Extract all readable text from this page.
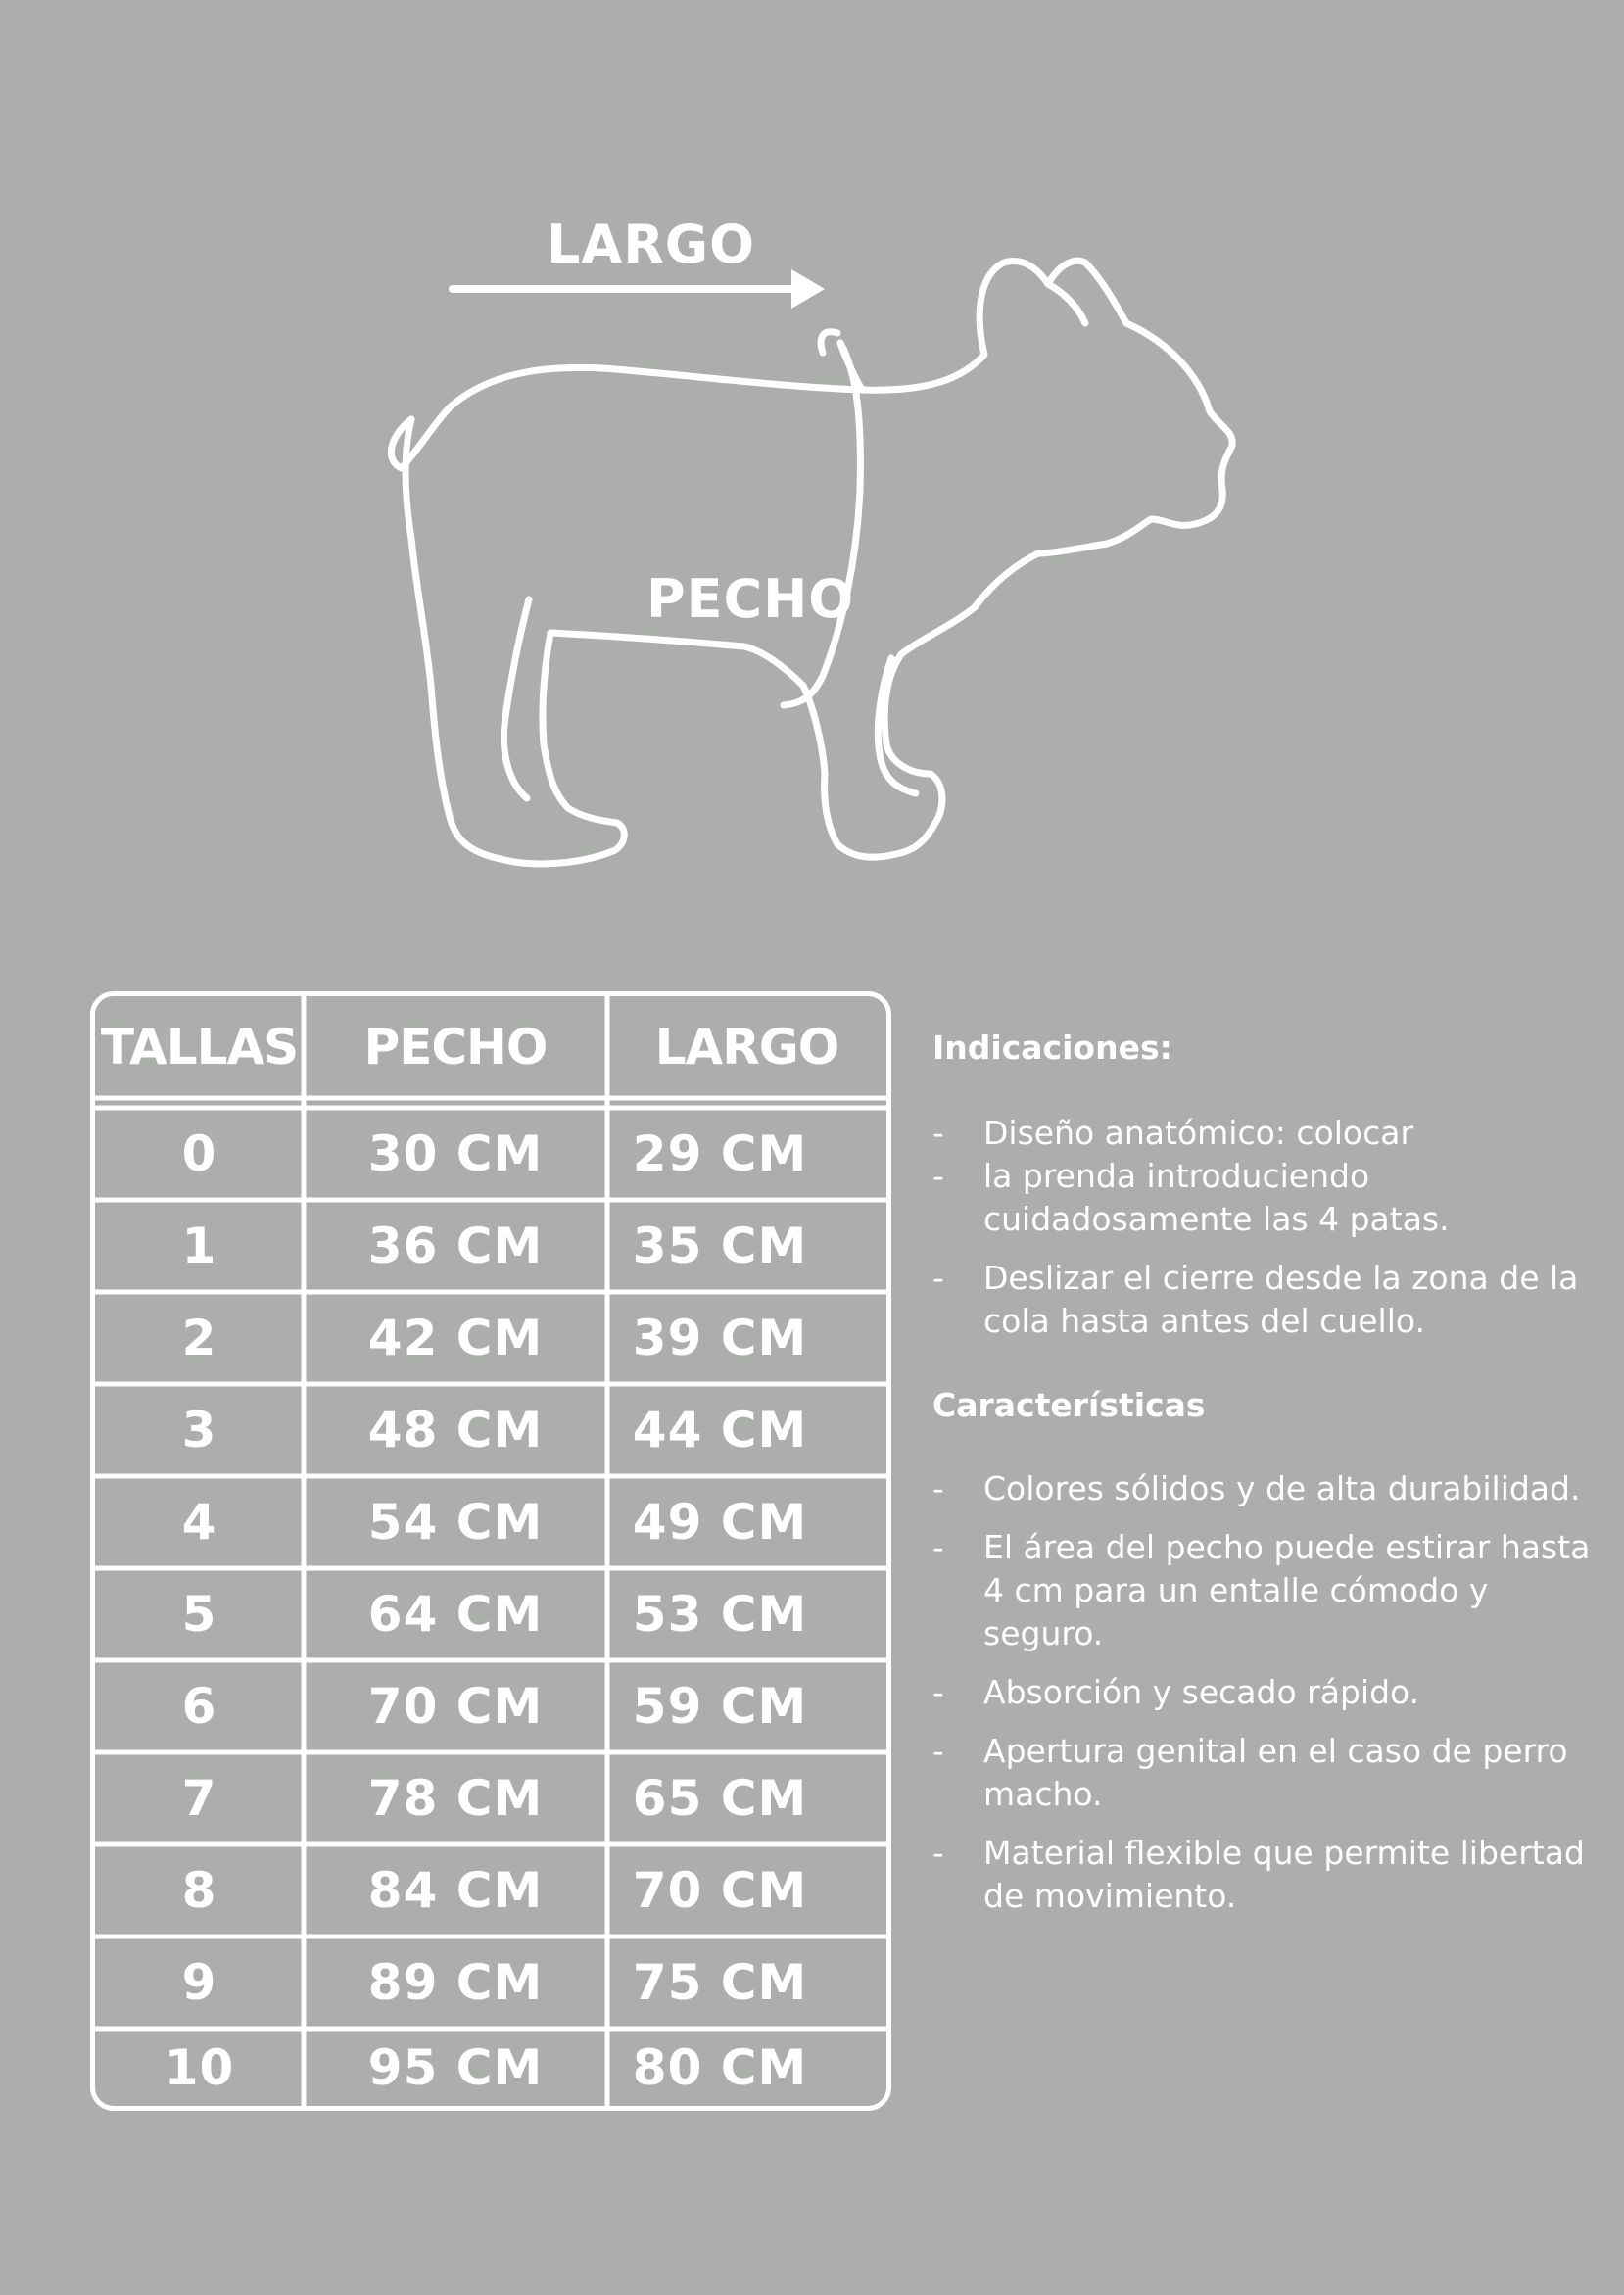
LARGO
PECHO
TALLAS	PECHO	LARGO
0	30 CM	29 CM
1	36 CM	35 CM
2	42 CM	39 CM
3	48 CM	44 CM
4	54 CM	49 CM
5	64 CM	53 CM
6	70 CM	59 CM
7	78 CM	65 CM
8	84 CM	70 CM
9	89 CM	75 CM
10	95 CM	80 CM
Indicaciones:
- Diseño anatómico: colocar
- la prenda introduciendo cuidadosamente las 4 patas.
- Deslizar el cierre desde la zona de la cola hasta antes del cuello.
Características
- Colores sólidos y de alta durabilidad.
- El área del pecho puede estirar hasta 4 cm para un entalle cómodo y seguro.
- Absorción y secado rápido.
- Apertura genital en el caso de perro macho.
- Material flexible que permite libertad de movimiento.
